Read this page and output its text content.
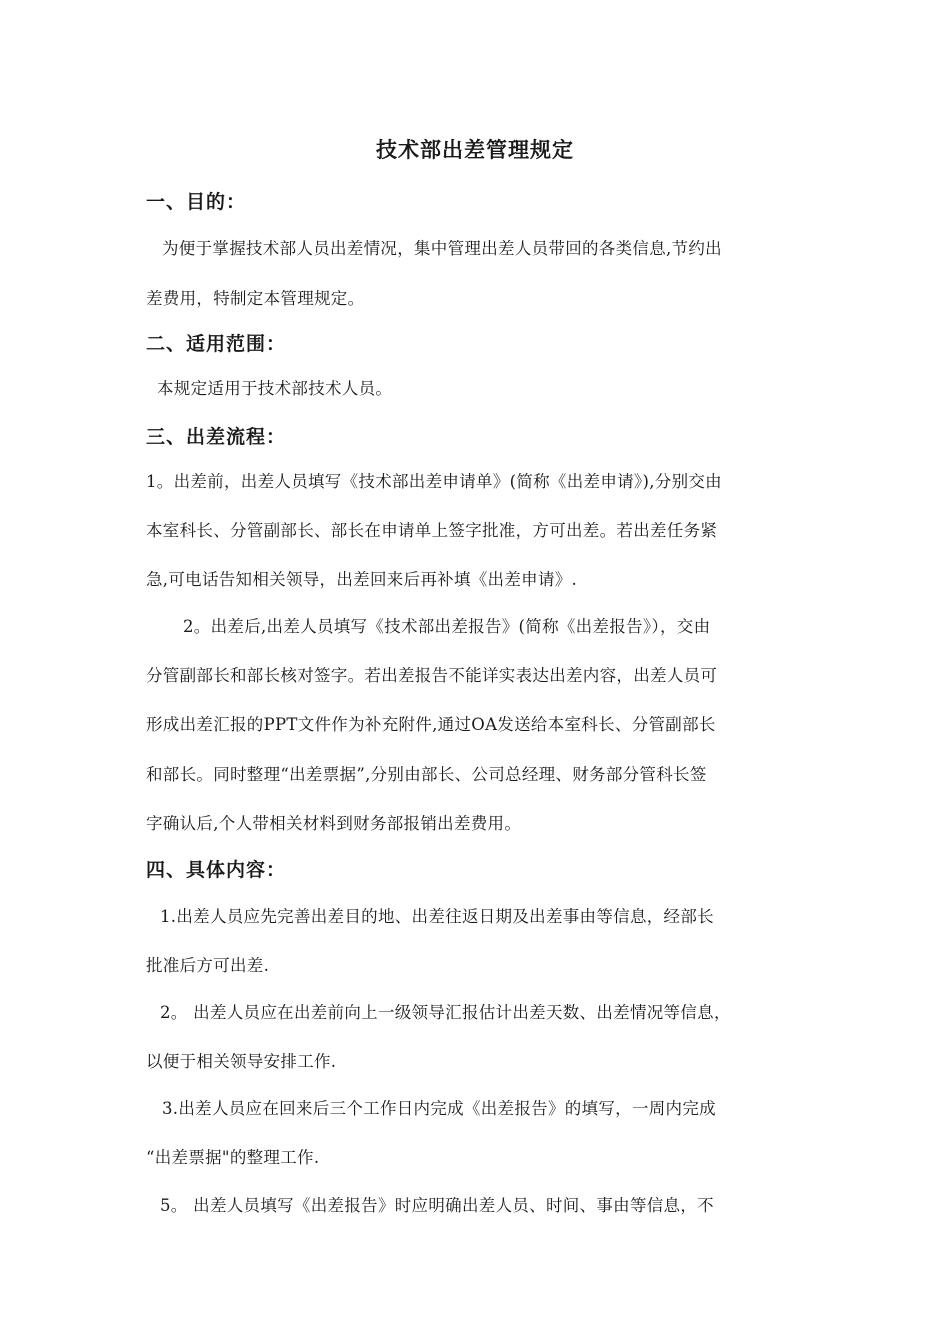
技术部出差管理规定
一、目的：
为便于掌握技术部人员出差情况，集中管理出差人员带回的各类信息,节约出
差费用，特制定本管理规定。
二、适用范围：
本规定适用于技术部技术人员。
三、出差流程：
1。出差前，出差人员填写《技术部出差申请单》(简称《出差申请》),分别交由
本室科长、分管副部长、部长在申请单上签字批准，方可出差。若出差任务紧
急,可电话告知相关领导，出差回来后再补填《出差申请》.
2。出差后,出差人员填写《技术部出差报告》(简称《出差报告》），交由
分管副部长和部长核对签字。若出差报告不能详实表达出差内容，出差人员可
形成出差汇报的PPT文件作为补充附件,通过OA发送给本室科长、分管副部长
和部长。同时整理“出差票据”,分别由部长、公司总经理、财务部分管科长签
字确认后,个人带相关材料到财务部报销出差费用。
四、具体内容：
1.出差人员应先完善出差目的地、出差往返日期及出差事由等信息，经部长
批准后方可出差.
2。 出差人员应在出差前向上一级领导汇报估计出差天数、出差情况等信息，
以便于相关领导安排工作.
3.出差人员应在回来后三个工作日内完成《出差报告》的填写，一周内完成
“出差票据"的整理工作.
5。 出差人员填写《出差报告》时应明确出差人员、时间、事由等信息，不
